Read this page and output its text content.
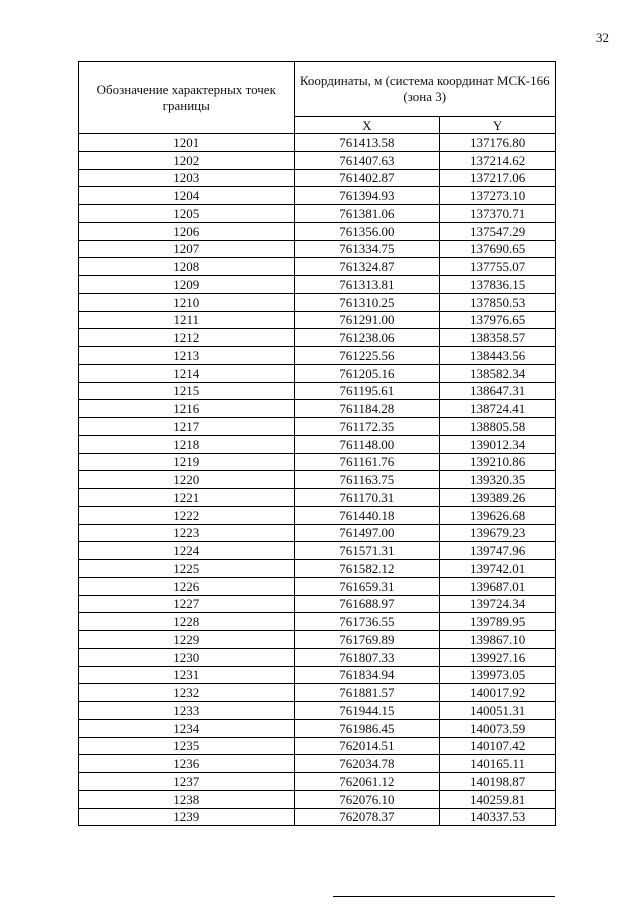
32
Обозначение характерных точек границы	Координаты, м (система координат МСК-166 (зона 3)	
	X	Y
1201	761413.58	137176.80
1202	761407.63	137214.62
1203	761402.87	137217.06
1204	761394.93	137273.10
1205	761381.06	137370.71
1206	761356.00	137547.29
1207	761334.75	137690.65
1208	761324.87	137755.07
1209	761313.81	137836.15
1210	761310.25	137850.53
1211	761291.00	137976.65
1212	761238.06	138358.57
1213	761225.56	138443.56
1214	761205.16	138582.34
1215	761195.61	138647.31
1216	761184.28	138724.41
1217	761172.35	138805.58
1218	761148.00	139012.34
1219	761161.76	139210.86
1220	761163.75	139320.35
1221	761170.31	139389.26
1222	761440.18	139626.68
1223	761497.00	139679.23
1224	761571.31	139747.96
1225	761582.12	139742.01
1226	761659.31	139687.01
1227	761688.97	139724.34
1228	761736.55	139789.95
1229	761769.89	139867.10
1230	761807.33	139927.16
1231	761834.94	139973.05
1232	761881.57	140017.92
1233	761944.15	140051.31
1234	761986.45	140073.59
1235	762014.51	140107.42
1236	762034.78	140165.11
1237	762061.12	140198.87
1238	762076.10	140259.81
1239	762078.37	140337.53
